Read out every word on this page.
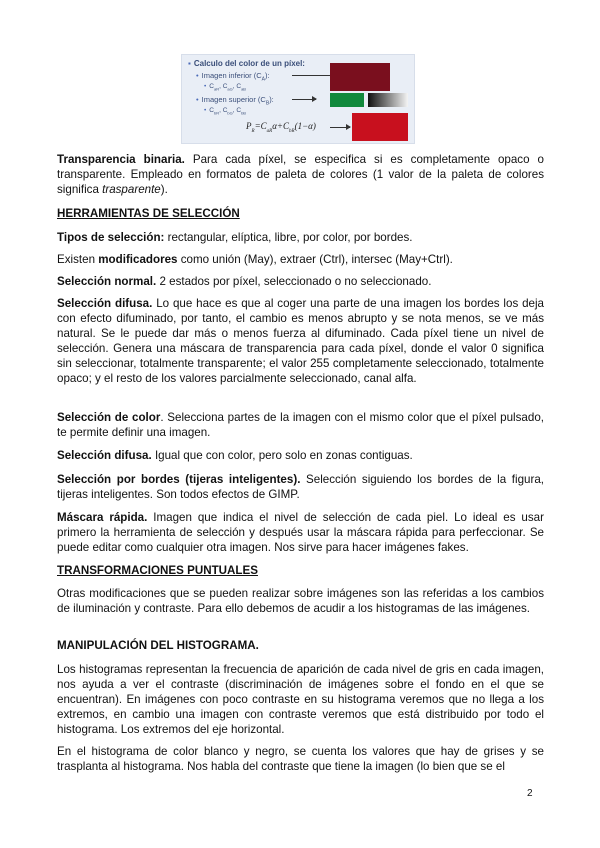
▪ Calculo del color de un píxel:
• Imagen inferior $(C_A)$:
• $C_{aR}$, $C_{aG}$, $C_{aB}$
• Imagen superior $(C_B)$:
• $C_{bR}$, $C_{bG}$, $C_{bB}$
$P_R=C_{aR}\alpha+C_{bR}(1-\alpha)$

Transparencia binaria. Para cada píxel, se especifica si es completamente opaco o transparente. Empleado en formatos de paleta de colores (1 valor de la paleta de colores significa trasparente).

HERRAMIENTAS DE SELECCIÓN

Tipos de selección: rectangular, elíptica, libre, por color, por bordes.

Existen modificadores como unión (May), extraer (Ctrl), intersec (May+Ctrl).

Selección normal. 2 estados por píxel, seleccionado o no seleccionado.

Selección difusa. Lo que hace es que al coger una parte de una imagen los bordes los deja con efecto difuminado, por tanto, el cambio es menos abrupto y se nota menos, se ve más natural. Se le puede dar más o menos fuerza al difuminado. Cada píxel tiene un nivel de selección. Genera una máscara de transparencia para cada píxel, donde el valor 0 significa sin seleccionar, totalmente transparente; el valor 255 completamente seleccionado, totalmente opaco; y el resto de los valores parcialmente seleccionado, canal alfa.

Selección de color. Selecciona partes de la imagen con el mismo color que el píxel pulsado, te permite definir una imagen.

Selección difusa. Igual que con color, pero solo en zonas contiguas.

Selección por bordes (tijeras inteligentes). Selección siguiendo los bordes de la figura, tijeras inteligentes. Son todos efectos de GIMP.

Máscara rápida. Imagen que indica el nivel de selección de cada piel. Lo ideal es usar primero la herramienta de selección y después usar la máscara rápida para perfeccionar. Se puede editar como cualquier otra imagen. Nos sirve para hacer imágenes fakes.

TRANSFORMACIONES PUNTUALES

Otras modificaciones que se pueden realizar sobre imágenes son las referidas a los cambios de iluminación y contraste. Para ello debemos de acudir a los histogramas de las imágenes.

MANIPULACIÓN DEL HISTOGRAMA.

Los histogramas representan la frecuencia de aparición de cada nivel de gris en cada imagen, nos ayuda a ver el contraste (discriminación de imágenes sobre el fondo en el que se encuentran). En imágenes con poco contraste en su histograma veremos que no llega a los extremos, en cambio una imagen con contraste veremos que está distribuido por todo el histograma. Los extremos del eje horizontal.

En el histograma de color blanco y negro, se cuenta los valores que hay de grises y se trasplanta al histograma. Nos habla del contraste que tiene la imagen (lo bien que se el

2
